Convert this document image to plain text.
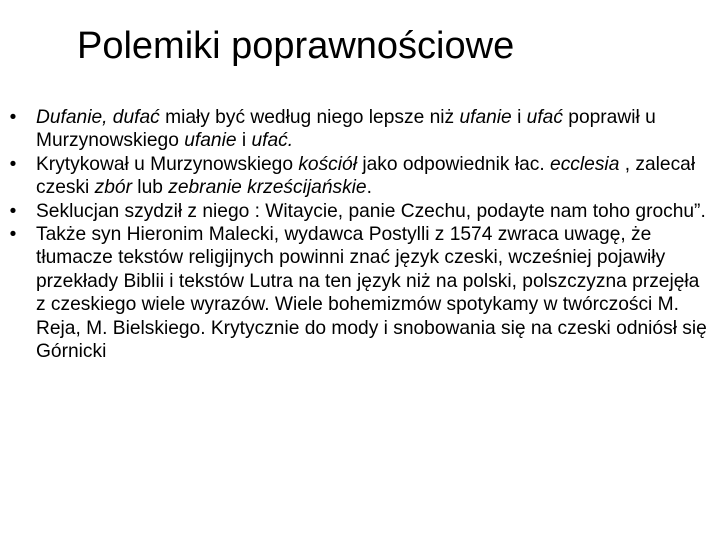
Polemiki poprawnościowe
• Dufanie, dufać miały być według niego lepsze niż ufanie i ufać poprawił u Murzynowskiego ufanie i ufać.
• Krytykował u Murzynowskiego kościół jako odpowiednik łac. ecclesia , zalecał czeski zbór lub zebranie krześcijańskie.
• Seklucjan szydził z niego : Witaycie, panie Czechu, podayte nam toho grochu”.
• Także syn Hieronim Malecki, wydawca Postylli z 1574 zwraca uwagę, że tłumacze tekstów religijnych powinni znać język czeski, wcześniej pojawiły przekłady Biblii i tekstów Lutra na ten język niż na polski, polszczyzna przejęła z czeskiego wiele wyrazów. Wiele bohemizmów spotykamy w twórczości M. Reja, M. Bielskiego. Krytycznie do mody i snobowania się na czeski odniósł się Górnicki
